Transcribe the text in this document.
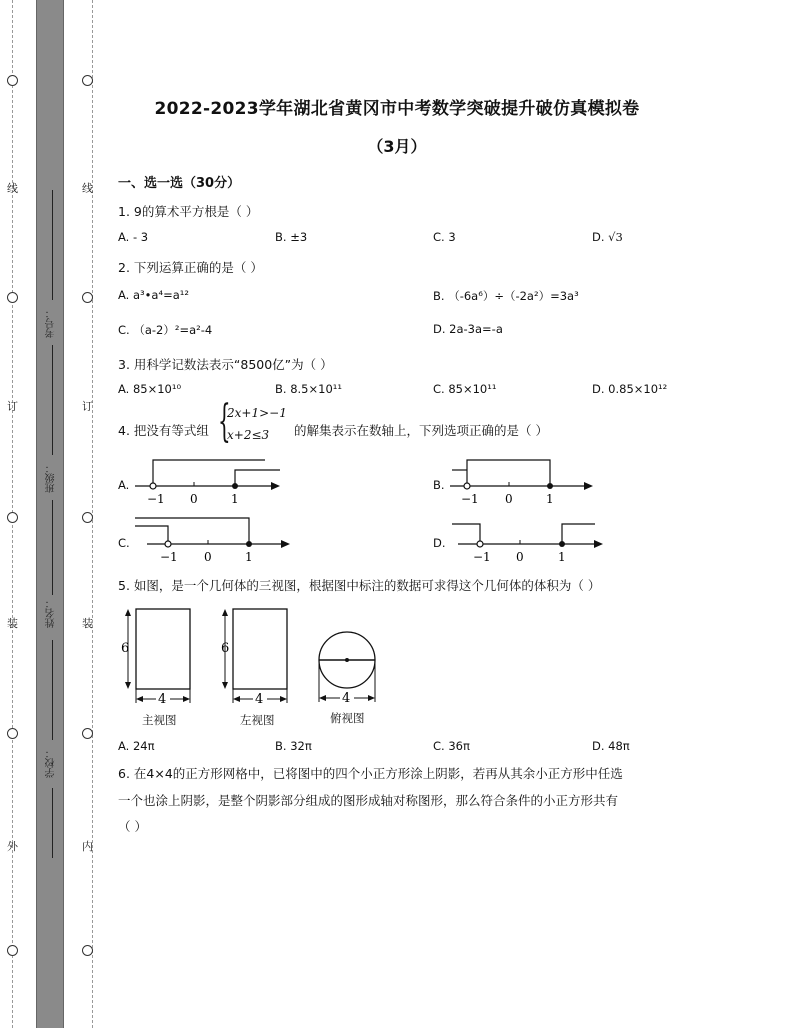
线
订
装
外
线
订
装
内
考号：
班级：
姓名：
学校：
2022-2023学年湖北省黄冈市中考数学突破提升破仿真模拟卷
（3月）
一、选一选（30分）
1. 9的算术平方根是（ ）
A. - 3	B. ±3	C. 3	D. √3
2. 下列运算正确的是（ ）
A. a³•a⁴=a¹²	B. （-6a⁶）÷（-2a²）=3a³
C. （a-2）²=a²-4	D. 2a-3a=-a
3. 用科学记数法表示“8500亿”为（ ）
A. 85×10¹⁰	B. 8.5×10¹¹	C. 85×10¹¹	D. 0.85×10¹²
4. 把没有等式组 {
2x+1>−1
x+2≤3 的解集表示在数轴上，下列选项正确的是（ ）
A.	B.
C.	D.
−1 0	1	−1 0	1
−1 0	1	−1 0	1
5. 如图，是一个几何体的三视图，根据图中标注的数据可求得这个几何体的体积为（ ）
6
4
主视图
6
4
左视图
4
俯视图
A. 24π	B. 32π	C. 36π	D. 48π
6. 在4×4的正方形网格中，已将图中的四个小正方形涂上阴影，若再从其余小正方形中任选
一个也涂上阴影，是整个阴影部分组成的图形成轴对称图形，那么符合条件的小正方形共有
（ ）
